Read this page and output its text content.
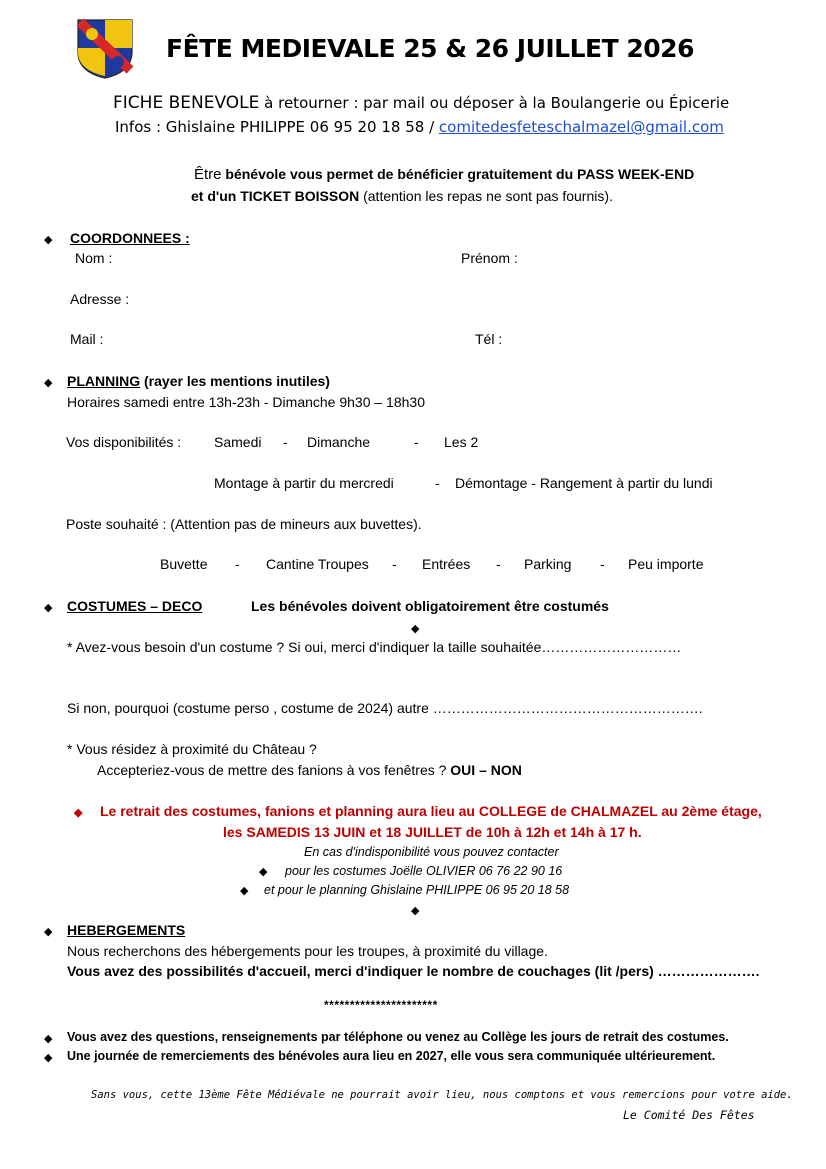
FÊTE MEDIEVALE 25 & 26 JUILLET 2026
FICHE BENEVOLE à retourner : par mail ou déposer à la Boulangerie ou Épicerie
Infos : Ghislaine PHILIPPE 06 95 20 18 58 / comitedesfeteschalmazel@gmail.com
Être bénévole vous permet de bénéficier gratuitement du PASS WEEK-END
et d'un TICKET BOISSON (attention les repas ne sont pas fournis).
◆ COORDONNEES :
Nom :	Prénom :
Adresse :
Mail :	Tél :
◆ PLANNING (rayer les mentions inutiles)
Horaires samedi entre 13h-23h - Dimanche 9h30 – 18h30
Vos disponibilités : Samedi - Dimanche	- Les 2
Montage à partir du mercredi	- Démontage - Rangement à partir du lundi
Poste souhaité : (Attention pas de mineurs aux buvettes).
Buvette - Cantine Troupes - Entrées - Parking - Peu importe
◆ COSTUMES – DECO	Les bénévoles doivent obligatoirement être costumés
◆
* Avez-vous besoin d'un costume ? Si oui, merci d'indiquer la taille souhaitée…………………………
Si non, pourquoi (costume perso , costume de 2024) autre ………………………………………………….
* Vous résidez à proximité du Château ?
Accepteriez-vous de mettre des fanions à vos fenêtres ? OUI – NON
◆ Le retrait des costumes, fanions et planning aura lieu au COLLEGE de CHALMAZEL au 2ème étage,
les SAMEDIS 13 JUIN et 18 JUILLET de 10h à 12h et 14h à 17 h.
En cas d'indisponibilité vous pouvez contacter
◆ pour les costumes Joëlle OLIVIER 06 76 22 90 16
◆ et pour le planning Ghislaine PHILIPPE 06 95 20 18 58
◆
◆ HEBERGEMENTS
Nous recherchons des hébergements pour les troupes, à proximité du village.
Vous avez des possibilités d'accueil, merci d'indiquer le nombre de couchages (lit /pers) ………………….
**********************
◆ Vous avez des questions, renseignements par téléphone ou venez au Collège les jours de retrait des costumes.
◆ Une journée de remerciements des bénévoles aura lieu en 2027, elle vous sera communiquée ultérieurement.
Sans vous, cette 13ème Fête Médiévale ne pourrait avoir lieu, nous comptons et vous remercions pour votre aide.
Le Comité Des Fêtes
